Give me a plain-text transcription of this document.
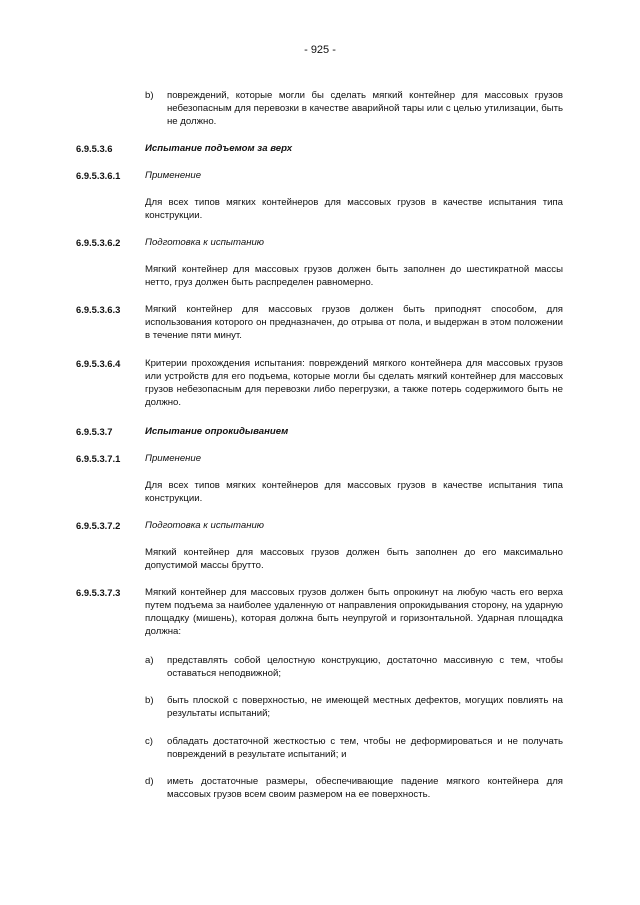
- 925 -
b) повреждений, которые могли бы сделать мягкий контейнер для массовых грузов небезопасным для перевозки в качестве аварийной тары или с целью утилизации, быть не должно.
6.9.5.3.6	Испытание подъемом за верх
6.9.5.3.6.1	Применение
Для всех типов мягких контейнеров для массовых грузов в качестве испытания типа конструкции.
6.9.5.3.6.2	Подготовка к испытанию
Мягкий контейнер для массовых грузов должен быть заполнен до шестикратной массы нетто, груз должен быть распределен равномерно.
6.9.5.3.6.3	Мягкий контейнер для массовых грузов должен быть приподнят способом, для использования которого он предназначен, до отрыва от пола, и выдержан в этом положении в течение пяти минут.
6.9.5.3.6.4	Критерии прохождения испытания: повреждений мягкого контейнера для массовых грузов или устройств для его подъема, которые могли бы сделать мягкий контейнер для массовых грузов небезопасным для перевозки либо перегрузки, а также потерь содержимого быть не должно.
6.9.5.3.7	Испытание опрокидыванием
6.9.5.3.7.1	Применение
Для всех типов мягких контейнеров для массовых грузов в качестве испытания типа конструкции.
6.9.5.3.7.2	Подготовка к испытанию
Мягкий контейнер для массовых грузов должен быть заполнен до его максимально допустимой массы брутто.
6.9.5.3.7.3	Мягкий контейнер для массовых грузов должен быть опрокинут на любую часть его верха путем подъема за наиболее удаленную от направления опрокидывания сторону, на ударную площадку (мишень), которая должна быть неупругой и горизонтальной. Ударная площадка должна:
a) представлять собой целостную конструкцию, достаточно массивную с тем, чтобы оставаться неподвижной;
b) быть плоской с поверхностью, не имеющей местных дефектов, могущих повлиять на результаты испытаний;
c) обладать достаточной жесткостью с тем, чтобы не деформироваться и не получать повреждений в результате испытаний; и
d) иметь достаточные размеры, обеспечивающие падение мягкого контейнера для массовых грузов всем своим размером на ее поверхность.
